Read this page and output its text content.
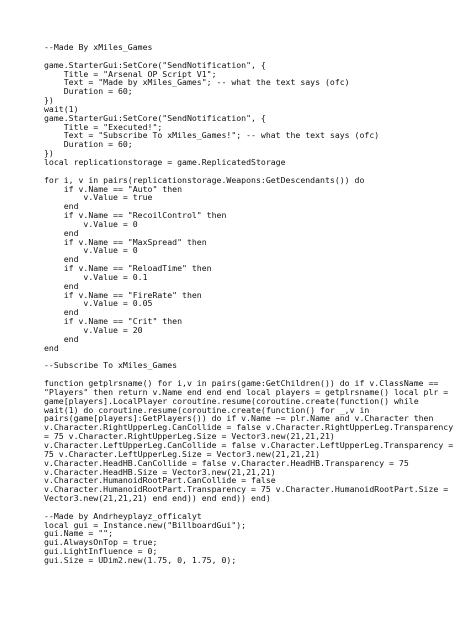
--Made By xMiles_Games
game.StarterGui:SetCore("SendNotification", {
Title = "Arsenal OP Script V1";
Text = "Made by xMiles_Games"; -- what the text says (ofc)
Duration = 60;
})
wait(1)
game.StarterGui:SetCore("SendNotification", {
Title = "Executed!";
Text = "Subscribe To xMiles_Games!"; -- what the text says (ofc)
Duration = 60;
})
local replicationstorage = game.ReplicatedStorage
for i, v in pairs(replicationstorage.Weapons:GetDescendants()) do
if v.Name == "Auto" then
v.Value = true
end
if v.Name == "RecoilControl" then
v.Value = 0
end
if v.Name == "MaxSpread" then
v.Value = 0
end
if v.Name == "ReloadTime" then
v.Value = 0.1
end
if v.Name == "FireRate" then
v.Value = 0.05
end
if v.Name == "Crit" then
v.Value = 20
end
end
--Subscribe To xMiles_Games
function getplrsname() for i,v in pairs(game:GetChildren()) do if v.ClassName ==
"Players" then return v.Name end end end local players = getplrsname() local plr =
game[players].LocalPlayer coroutine.resume(coroutine.create(function() while
wait(1) do coroutine.resume(coroutine.create(function() for _,v in
pairs(game[players]:GetPlayers()) do if v.Name ~= plr.Name and v.Character then
v.Character.RightUpperLeg.CanCollide = false v.Character.RightUpperLeg.Transparency
= 75 v.Character.RightUpperLeg.Size = Vector3.new(21,21,21)
v.Character.LeftUpperLeg.CanCollide = false v.Character.LeftUpperLeg.Transparency =
75 v.Character.LeftUpperLeg.Size = Vector3.new(21,21,21)
v.Character.HeadHB.CanCollide = false v.Character.HeadHB.Transparency = 75
v.Character.HeadHB.Size = Vector3.new(21,21,21)
v.Character.HumanoidRootPart.CanCollide = false
v.Character.HumanoidRootPart.Transparency = 75 v.Character.HumanoidRootPart.Size =
Vector3.new(21,21,21) end end)) end end)) end)
--Made by Andrheyplayz_officalyt
local gui = Instance.new("BillboardGui");
gui.Name = "";
gui.AlwaysOnTop = true;
gui.LightInfluence = 0;
gui.Size = UDim2.new(1.75, 0, 1.75, 0);
